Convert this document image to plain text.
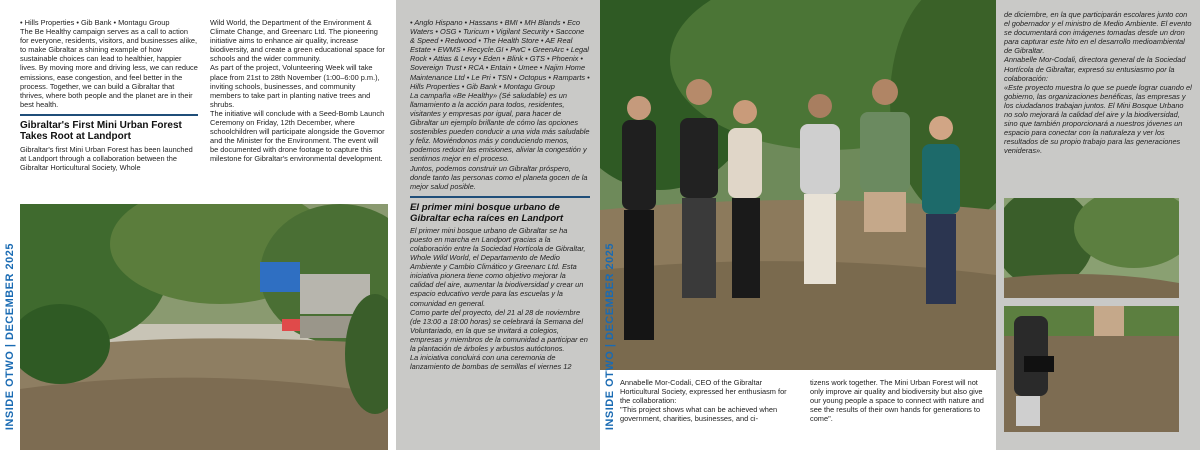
• Hills Properties • Gib Bank • Montagu Group

The Be Healthy campaign serves as a call to action for everyone, residents, visitors, and businesses alike, to make Gibraltar a shining example of how sustainable choices can lead to healthier, happier lives. By moving more and driving less, we can reduce emissions, ease congestion, and feel better in the process. Together, we can build a Gibraltar that thrives, where both people and the planet are in their best health.

Gibraltar's First Mini Urban Forest Takes Root at Landport

Gibraltar's first Mini Urban Forest has been launched at Landport through a collaboration between the Gibraltar Horticultural Society, Whole

Wild World, the Department of the Environment & Climate Change, and Greenarc Ltd. The pioneering initiative aims to enhance air quality, increase biodiversity, and create a green educational space for schools and the wider community.

As part of the project, Volunteering Week will take place from 21st to 28th November (1:00–6:00 p.m.), inviting schools, businesses, and community members to take part in planting native trees and shrubs.

The initiative will conclude with a Seed-Bomb Launch Ceremony on Friday, 12th December, where schoolchildren will participate alongside the Governor and the Minister for the Environment. The event will be documented with drone footage to capture this milestone for Gibraltar's environmental development.

INSIDE OTWO | DECEMBER 2025

• Anglo Hispano • Hassans • BMI • MH Blands • Eco Waters • OSG • Turicum • Vigilant Security • Saccone & Speed • Redwood • The Health Store • AE Real Estate • EWMS • Recycle.GI • PwC • GreenArc • Legal Rock • Attias & Levy • Eden • Blink • GTS • Phoenix • Sovereign Trust • RCA • Entain • Umee • Najim Home Maintenance Ltd • Le Pri • TSN • Octopus • Ramparts • Hills Properties • Gib Bank • Montagu Group

La campaña «Be Healthy» (Sé saludable) es un llamamiento a la acción para todos, residentes, visitantes y empresas por igual, para hacer de Gibraltar un ejemplo brillante de cómo las opciones sostenibles pueden conducir a una vida más saludable y feliz. Moviéndonos más y conduciendo menos, podemos reducir las emisiones, aliviar la congestión y sentirnos mejor en el proceso.

Juntos, podemos construir un Gibraltar próspero, donde tanto las personas como el planeta gocen de la mejor salud posible.

El primer mini bosque urbano de Gibraltar echa raíces en Landport

El primer mini bosque urbano de Gibraltar se ha puesto en marcha en Landport gracias a la colaboración entre la Sociedad Hortícola de Gibraltar, Whole Wild World, el Departamento de Medio Ambiente y Cambio Climático y Greenarc Ltd. Esta iniciativa pionera tiene como objetivo mejorar la calidad del aire, aumentar la biodiversidad y crear un espacio educativo verde para las escuelas y la comunidad en general.

Como parte del proyecto, del 21 al 28 de noviembre (de 13:00 a 18:00 horas) se celebrará la Semana del Voluntariado, en la que se invitará a colegios, empresas y miembros de la comunidad a participar en la plantación de árboles y arbustos autóctonos.

La iniciativa concluirá con una ceremonia de lanzamiento de bombas de semillas el viernes 12

Annabelle Mor-Codali, CEO of the Gibraltar Horticultural Society, expressed her enthusiasm for the collaboration:

"This project shows what can be achieved when government, charities, businesses, and ci-

tizens work together. The Mini Urban Forest will not only improve air quality and biodiversity but also give our young people a space to connect with nature and see the results of their own hands for generations to come".

INSIDE OTWO | DECEMBER 2025

de diciembre, en la que participarán escolares junto con el gobernador y el ministro de Medio Ambiente. El evento se documentará con imágenes tomadas desde un dron para capturar este hito en el desarrollo medioambiental de Gibraltar.

Annabelle Mor-Codali, directora general de la Sociedad Hortícola de Gibraltar, expresó su entusiasmo por la colaboración:

«Este proyecto muestra lo que se puede lograr cuando el gobierno, las organizaciones benéficas, las empresas y los ciudadanos trabajan juntos. El Mini Bosque Urbano no solo mejorará la calidad del aire y la biodiversidad, sino que también proporcionará a nuestros jóvenes un espacio para conectar con la naturaleza y ver los resultados de su propio trabajo para las generaciones venideras».
